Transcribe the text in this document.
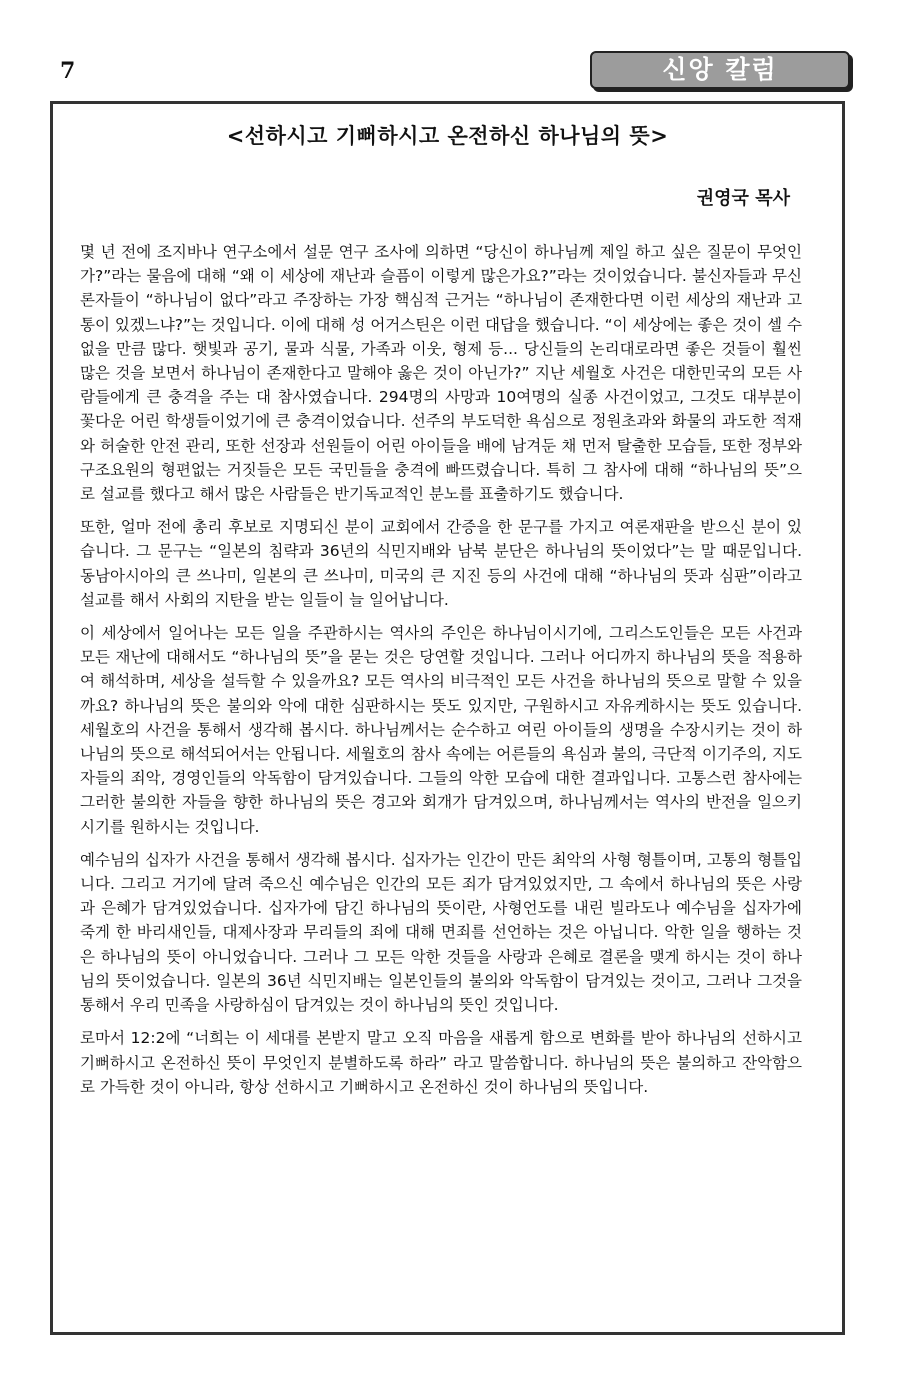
7	신앙 칼럼
<선하시고 기뻐하시고 온전하신 하나님의 뜻>
권영국 목사

몇 년 전에 조지바나 연구소에서 설문 연구 조사에 의하면 “당신이 하나님께 제일 하고 싶은 질문이 무엇인가?”라는 물음에 대해 “왜 이 세상에 재난과 슬픔이 이렇게 많은가요?”라는 것이었습니다. 불신자들과 무신론자들이 “하나님이 없다”라고 주장하는 가장 핵심적 근거는 “하나님이 존재한다면 이런 세상의 재난과 고통이 있겠느냐?”는 것입니다. 이에 대해 성 어거스틴은 이런 대답을 했습니다. “이 세상에는 좋은 것이 셀 수 없을 만큼 많다. 햇빛과 공기, 물과 식물, 가족과 이웃, 형제 등... 당신들의 논리대로라면 좋은 것들이 훨씬 많은 것을 보면서 하나님이 존재한다고 말해야 옳은 것이 아닌가?” 지난 세월호 사건은 대한민국의 모든 사람들에게 큰 충격을 주는 대 참사였습니다. 294명의 사망과 10여명의 실종 사건이었고, 그것도 대부분이 꽃다운 어린 학생들이었기에 큰 충격이었습니다. 선주의 부도덕한 욕심으로 정원초과와 화물의 과도한 적재와 허술한 안전 관리, 또한 선장과 선원들이 어린 아이들을 배에 남겨둔 채 먼저 탈출한 모습들, 또한 정부와 구조요원의 형편없는 거짓들은 모든 국민들을 충격에 빠뜨렸습니다. 특히 그 참사에 대해 “하나님의 뜻”으로 설교를 했다고 해서 많은 사람들은 반기독교적인 분노를 표출하기도 했습니다.

또한, 얼마 전에 총리 후보로 지명되신 분이 교회에서 간증을 한 문구를 가지고 여론재판을 받으신 분이 있습니다. 그 문구는 “일본의 침략과 36년의 식민지배와 남북 분단은 하나님의 뜻이었다”는 말 때문입니다. 동남아시아의 큰 쓰나미, 일본의 큰 쓰나미, 미국의 큰 지진 등의 사건에 대해 “하나님의 뜻과 심판”이라고 설교를 해서 사회의 지탄을 받는 일들이 늘 일어납니다.

이 세상에서 일어나는 모든 일을 주관하시는 역사의 주인은 하나님이시기에, 그리스도인들은 모든 사건과 모든 재난에 대해서도 “하나님의 뜻”을 묻는 것은 당연할 것입니다. 그러나 어디까지 하나님의 뜻을 적용하여 해석하며, 세상을 설득할 수 있을까요? 모든 역사의 비극적인 모든 사건을 하나님의 뜻으로 말할 수 있을까요? 하나님의 뜻은 불의와 악에 대한 심판하시는 뜻도 있지만, 구원하시고 자유케하시는 뜻도 있습니다. 세월호의 사건을 통해서 생각해 봅시다. 하나님께서는 순수하고 여린 아이들의 생명을 수장시키는 것이 하나님의 뜻으로 해석되어서는 안됩니다. 세월호의 참사 속에는 어른들의 욕심과 불의, 극단적 이기주의, 지도자들의 죄악, 경영인들의 악독함이 담겨있습니다. 그들의 악한 모습에 대한 결과입니다. 고통스런 참사에는 그러한 불의한 자들을 향한 하나님의 뜻은 경고와 회개가 담겨있으며, 하나님께서는 역사의 반전을 일으키시기를 원하시는 것입니다.

예수님의 십자가 사건을 통해서 생각해 봅시다. 십자가는 인간이 만든 최악의 사형 형틀이며, 고통의 형틀입니다. 그리고 거기에 달려 죽으신 예수님은 인간의 모든 죄가 담겨있었지만, 그 속에서 하나님의 뜻은 사랑과 은혜가 담겨있었습니다. 십자가에 담긴 하나님의 뜻이란, 사형언도를 내린 빌라도나 예수님을 십자가에 죽게 한 바리새인들, 대제사장과 무리들의 죄에 대해 면죄를 선언하는 것은 아닙니다. 악한 일을 행하는 것은 하나님의 뜻이 아니었습니다. 그러나 그 모든 악한 것들을 사랑과 은혜로 결론을 맺게 하시는 것이 하나님의 뜻이었습니다. 일본의 36년 식민지배는 일본인들의 불의와 악독함이 담겨있는 것이고, 그러나 그것을 통해서 우리 민족을 사랑하심이 담겨있는 것이 하나님의 뜻인 것입니다.

로마서 12:2에 “너희는 이 세대를 본받지 말고 오직 마음을 새롭게 함으로 변화를 받아 하나님의 선하시고 기뻐하시고 온전하신 뜻이 무엇인지 분별하도록 하라” 라고 말씀합니다. 하나님의 뜻은 불의하고 잔악함으로 가득한 것이 아니라, 항상 선하시고 기뻐하시고 온전하신 것이 하나님의 뜻입니다.
